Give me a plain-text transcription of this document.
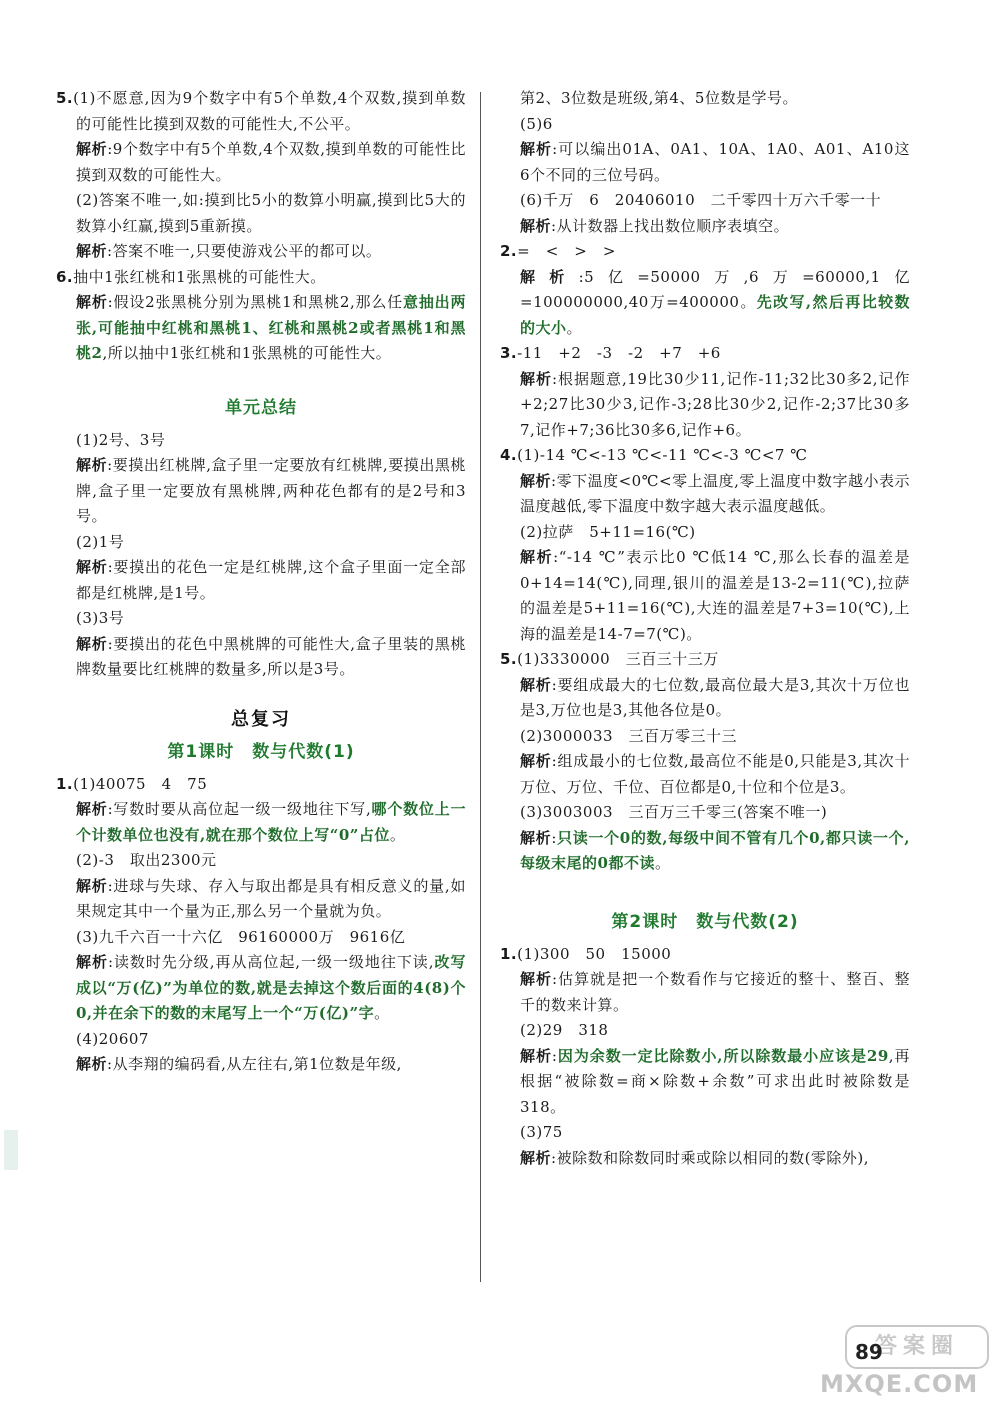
5.(1)不愿意,因为9个数字中有5个单数,4个双数,摸到单数的可能性比摸到双数的可能性大,不公平。

解析:9个数字中有5个单数,4个双数,摸到单数的可能性比摸到双数的可能性大。

(2)答案不唯一,如:摸到比5小的数算小明赢,摸到比5大的数算小红赢,摸到5重新摸。

解析:答案不唯一,只要使游戏公平的都可以。

6.抽中1张红桃和1张黑桃的可能性大。

解析:假设2张黑桃分别为黑桃1和黑桃2,那么任意抽出两张,可能抽中红桃和黑桃1、红桃和黑桃2或者黑桃1和黑桃2,所以抽中1张红桃和1张黑桃的可能性大。

单元总结

(1)2号、3号

解析:要摸出红桃牌,盒子里一定要放有红桃牌,要摸出黑桃牌,盒子里一定要放有黑桃牌,两种花色都有的是2号和3号。

(2)1号

解析:要摸出的花色一定是红桃牌,这个盒子里面一定全部都是红桃牌,是1号。

(3)3号

解析:要摸出的花色中黑桃牌的可能性大,盒子里装的黑桃牌数量要比红桃牌的数量多,所以是3号。

总复习
第1课时　数与代数(1)

1.(1)40075　4　75

解析:写数时要从高位起一级一级地往下写,哪个数位上一个计数单位也没有,就在那个数位上写“0”占位。

(2)-3　取出2300元

解析:进球与失球、存入与取出都是具有相反意义的量,如果规定其中一个量为正,那么另一个量就为负。

(3)九千六百一十六亿　96160000万　9616亿

解析:读数时先分级,再从高位起,一级一级地往下读,改写成以“万(亿)”为单位的数,就是去掉这个数后面的4(8)个0,并在余下的数的末尾写上一个“万(亿)”字。

(4)20607

解析:从李翔的编码看,从左往右,第1位数是年级,

第2、3位数是班级,第4、5位数是学号。

(5)6

解析:可以编出01A、0A1、10A、1A0、A01、A10这6个不同的三位号码。

(6)千万　6　20406010　二千零四十万六千零一十

解析:从计数器上找出数位顺序表填空。

2.=　<　>　>

解析:5亿=50000万,6万=60000,1亿=100000000,40万=400000。先改写,然后再比较数的大小。

3.-11　+2　-3　-2　+7　+6

解析:根据题意,19比30少11,记作-11;32比30多2,记作+2;27比30少3,记作-3;28比30少2,记作-2;37比30多7,记作+7;36比30多6,记作+6。

4.(1)-14 ℃<-13 ℃<-11 ℃<-3 ℃<7 ℃

解析:零下温度<0℃<零上温度,零上温度中数字越小表示温度越低,零下温度中数字越大表示温度越低。

(2)拉萨　5+11=16(℃)

解析:“-14 ℃”表示比0 ℃低14 ℃,那么长春的温差是0+14=14(℃),同理,银川的温差是13-2=11(℃),拉萨的温差是5+11=16(℃),大连的温差是7+3=10(℃),上海的温差是14-7=7(℃)。

5.(1)3330000　三百三十三万

解析:要组成最大的七位数,最高位最大是3,其次十万位也是3,万位也是3,其他各位是0。

(2)3000033　三百万零三十三

解析:组成最小的七位数,最高位不能是0,只能是3,其次十万位、万位、千位、百位都是0,十位和个位是3。

(3)3003003　三百万三千零三(答案不唯一)

解析:只读一个0的数,每级中间不管有几个0,都只读一个,每级末尾的0都不读。

第2课时　数与代数(2)

1.(1)300　50　15000

解析:估算就是把一个数看作与它接近的整十、整百、整千的数来计算。

(2)29　318

解析:因为余数一定比除数小,所以除数最小应该是29,再根据“被除数=商×除数+余数”可求出此时被除数是318。

(3)75

解析:被除数和除数同时乘或除以相同的数(零除外),

答案圈
89
MXQE.COM
